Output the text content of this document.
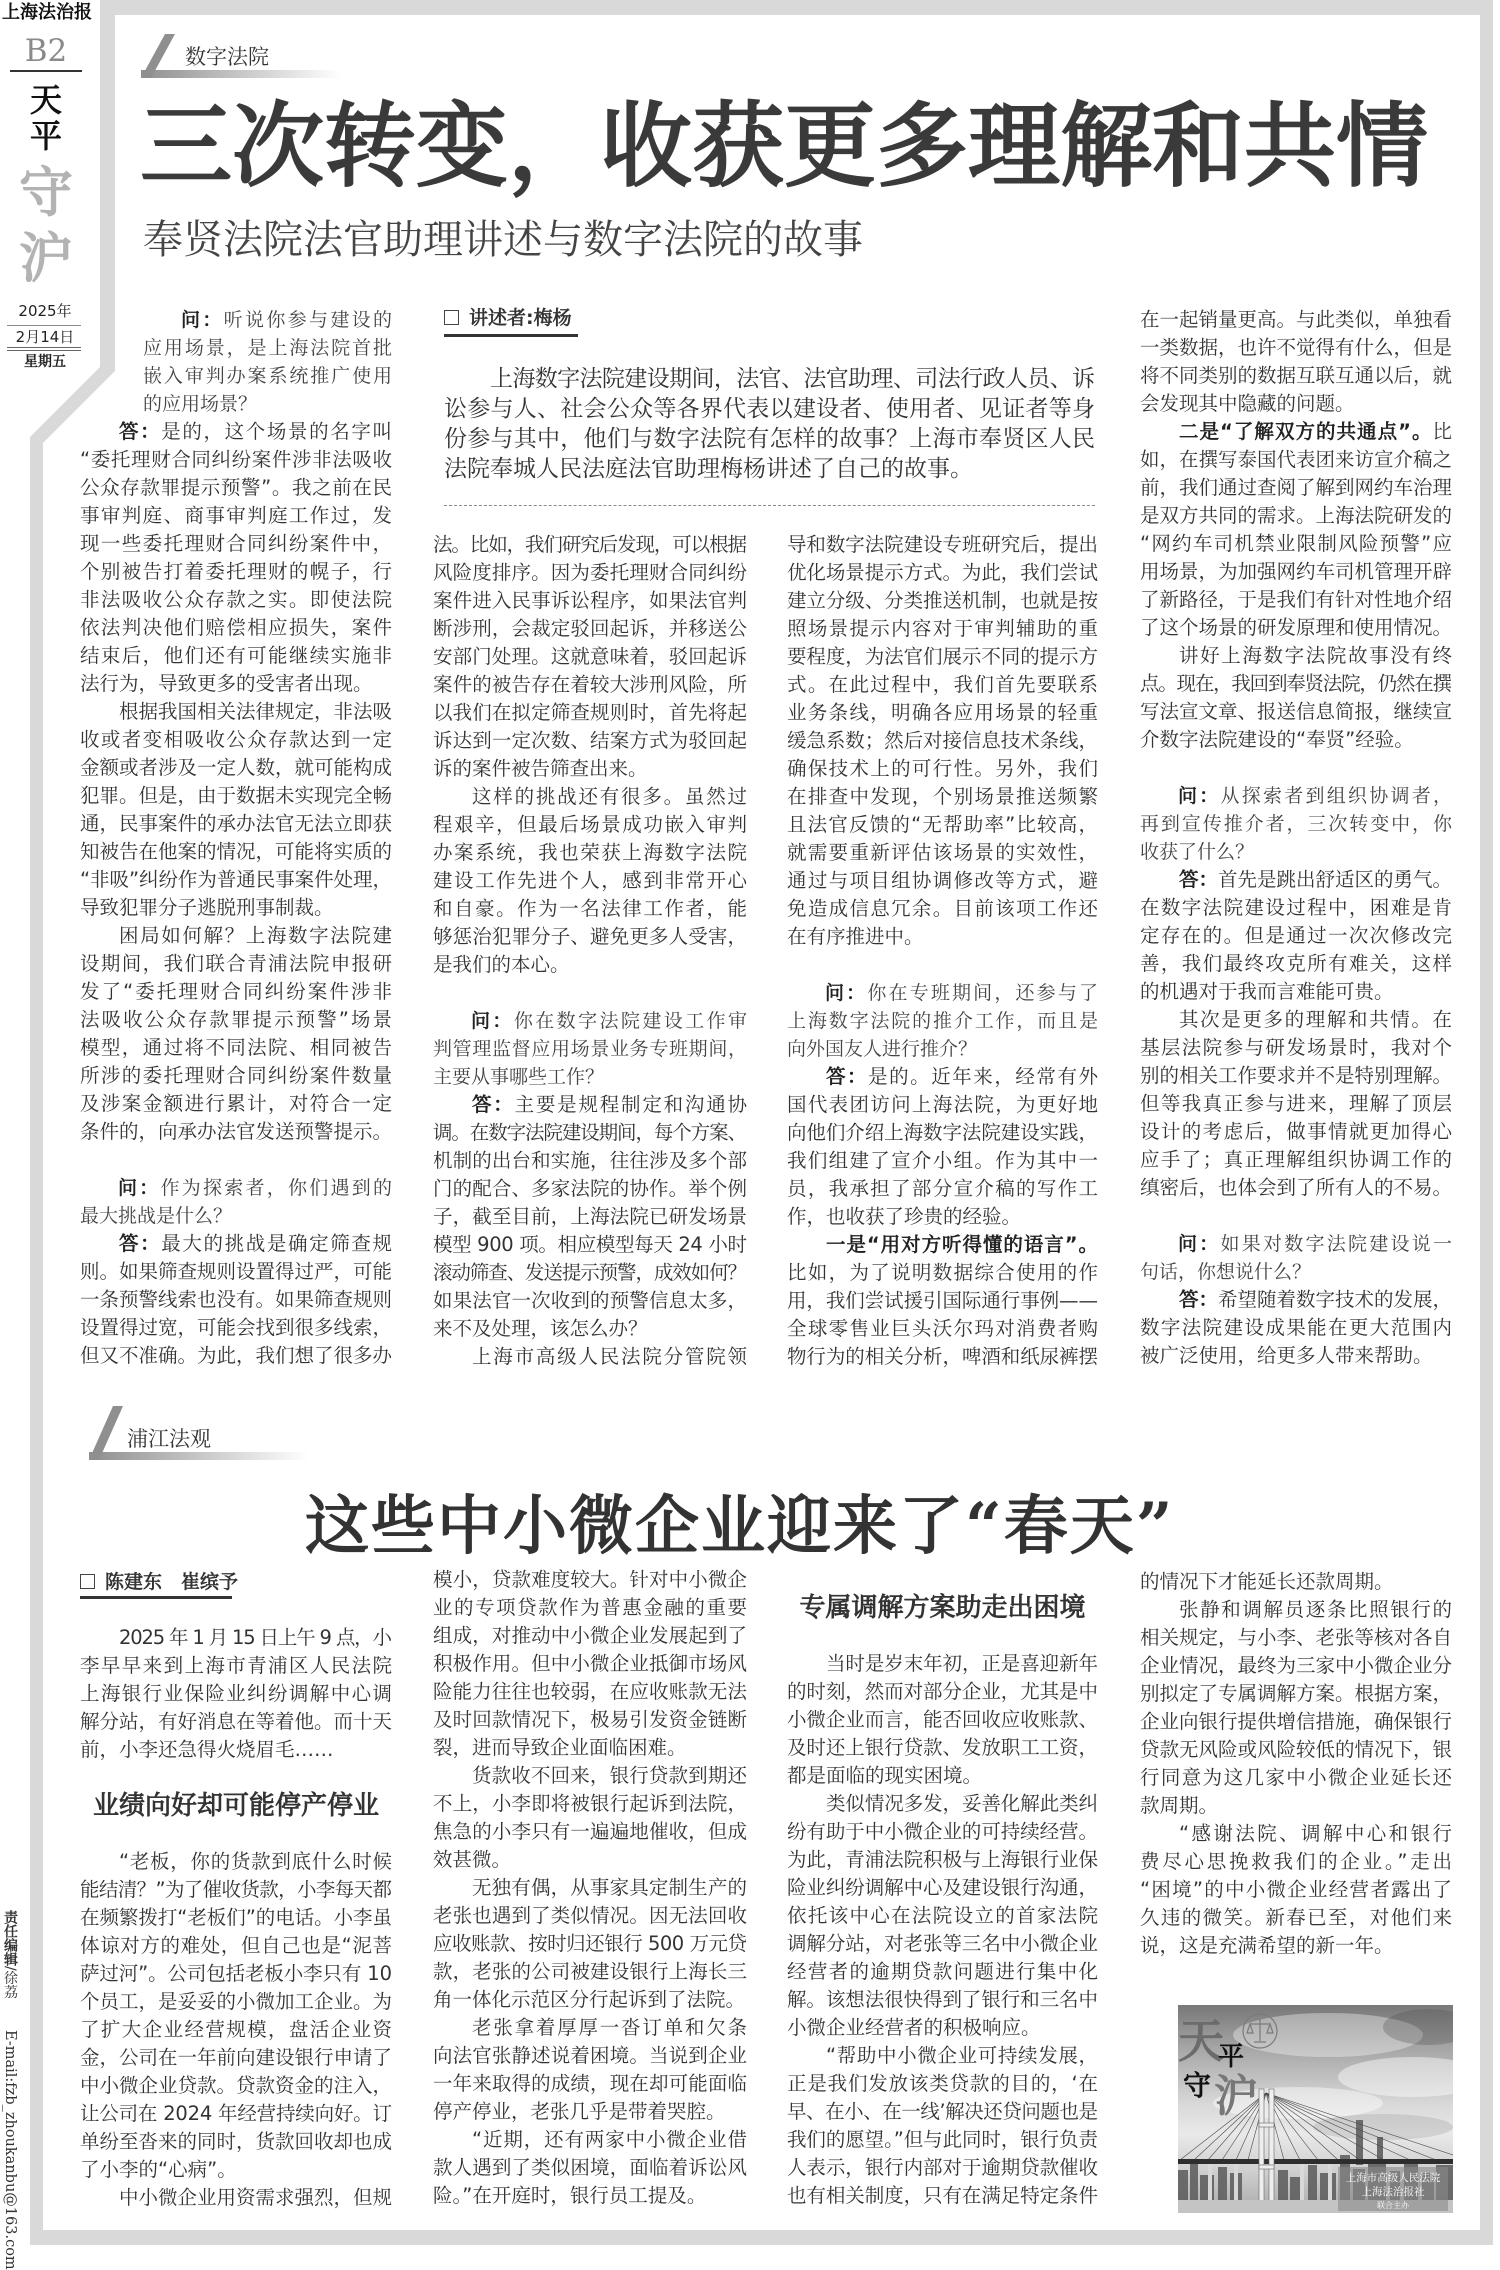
上海法治报
B2
天
平
守
沪
2025年
2月14日
星期五
责任编辑/徐荔
E-mail:fzb_zhoukanbu@163.com
数字法院
三次转变，收获更多理解和共情
奉贤法院法官助理讲述与数字法院的故事
讲述者:梅杨
上海数字法院建设期间，法官、法官助理、司法行政人员、诉
讼参与人、社会公众等各界代表以建设者、使用者、见证者等身
份参与其中，他们与数字法院有怎样的故事？上海市奉贤区人民
法院奉城人民法庭法官助理梅杨讲述了自己的故事。
问：听说你参与建设的
应用场景，是上海法院首批
嵌入审判办案系统推广使用
的应用场景？
答：是的，这个场景的名字叫
“委托理财合同纠纷案件涉非法吸收
公众存款罪提示预警”。我之前在民
事审判庭、商事审判庭工作过，发
现一些委托理财合同纠纷案件中，
个别被告打着委托理财的幌子，行
非法吸收公众存款之实。即使法院
依法判决他们赔偿相应损失，案件
结束后，他们还有可能继续实施非
法行为，导致更多的受害者出现。
根据我国相关法律规定，非法吸
收或者变相吸收公众存款达到一定
金额或者涉及一定人数，就可能构成
犯罪。但是，由于数据未实现完全畅
通，民事案件的承办法官无法立即获
知被告在他案的情况，可能将实质的
“非吸”纠纷作为普通民事案件处理，
导致犯罪分子逃脱刑事制裁。
困局如何解？上海数字法院建
设期间，我们联合青浦法院申报研
发了“委托理财合同纠纷案件涉非
法吸收公众存款罪提示预警”场景
模型，通过将不同法院、相同被告
所涉的委托理财合同纠纷案件数量
及涉案金额进行累计，对符合一定
条件的，向承办法官发送预警提示。
问：作为探索者，你们遇到的
最大挑战是什么？
答：最大的挑战是确定筛查规
则。如果筛查规则设置得过严，可能
一条预警线索也没有。如果筛查规则
设置得过宽，可能会找到很多线索，
但又不准确。为此，我们想了很多办
法。比如，我们研究后发现，可以根据
风险度排序。因为委托理财合同纠纷
案件进入民事诉讼程序，如果法官判
断涉刑，会裁定驳回起诉，并移送公
安部门处理。这就意味着，驳回起诉
案件的被告存在着较大涉刑风险，所
以我们在拟定筛查规则时，首先将起
诉达到一定次数、结案方式为驳回起
诉的案件被告筛查出来。
这样的挑战还有很多。虽然过
程艰辛，但最后场景成功嵌入审判
办案系统，我也荣获上海数字法院
建设工作先进个人，感到非常开心
和自豪。作为一名法律工作者，能
够惩治犯罪分子、避免更多人受害，
是我们的本心。
问：你在数字法院建设工作审
判管理监督应用场景业务专班期间，
主要从事哪些工作？
答：主要是规程制定和沟通协
调。在数字法院建设期间，每个方案、
机制的出台和实施，往往涉及多个部
门的配合、多家法院的协作。举个例
子，截至目前，上海法院已研发场景
模型 900 项。相应模型每天 24 小时
滚动筛查、发送提示预警，成效如何？
如果法官一次收到的预警信息太多，
来不及处理，该怎么办？
上海市高级人民法院分管院领
导和数字法院建设专班研究后，提出
优化场景提示方式。为此，我们尝试
建立分级、分类推送机制，也就是按
照场景提示内容对于审判辅助的重
要程度，为法官们展示不同的提示方
式。在此过程中，我们首先要联系
业务条线，明确各应用场景的轻重
缓急系数；然后对接信息技术条线，
确保技术上的可行性。另外，我们
在排查中发现，个别场景推送频繁
且法官反馈的“无帮助率”比较高，
就需要重新评估该场景的实效性，
通过与项目组协调修改等方式，避
免造成信息冗余。目前该项工作还
在有序推进中。
问：你在专班期间，还参与了
上海数字法院的推介工作，而且是
向外国友人进行推介？
答：是的。近年来，经常有外
国代表团访问上海法院，为更好地
向他们介绍上海数字法院建设实践，
我们组建了宣介小组。作为其中一
员，我承担了部分宣介稿的写作工
作，也收获了珍贵的经验。
一是“用对方听得懂的语言”。
比如，为了说明数据综合使用的作
用，我们尝试援引国际通行事例——
全球零售业巨头沃尔玛对消费者购
物行为的相关分析，啤酒和纸尿裤摆
在一起销量更高。与此类似，单独看
一类数据，也许不觉得有什么，但是
将不同类别的数据互联互通以后，就
会发现其中隐藏的问题。
二是“了解双方的共通点”。比
如，在撰写泰国代表团来访宣介稿之
前，我们通过查阅了解到网约车治理
是双方共同的需求。上海法院研发的
“网约车司机禁业限制风险预警”应
用场景，为加强网约车司机管理开辟
了新路径，于是我们有针对性地介绍
了这个场景的研发原理和使用情况。
讲好上海数字法院故事没有终
点。现在，我回到奉贤法院，仍然在撰
写法宣文章、报送信息简报，继续宣
介数字法院建设的“奉贤”经验。
问：从探索者到组织协调者，
再到宣传推介者，三次转变中，你
收获了什么？
答：首先是跳出舒适区的勇气。
在数字法院建设过程中，困难是肯
定存在的。但是通过一次次修改完
善，我们最终攻克所有难关，这样
的机遇对于我而言难能可贵。
其次是更多的理解和共情。在
基层法院参与研发场景时，我对个
别的相关工作要求并不是特别理解。
但等我真正参与进来，理解了顶层
设计的考虑后，做事情就更加得心
应手了；真正理解组织协调工作的
缜密后，也体会到了所有人的不易。
问：如果对数字法院建设说一
句话，你想说什么？
答：希望随着数字技术的发展，
数字法院建设成果能在更大范围内
被广泛使用，给更多人带来帮助。
浦江法观
这些中小微企业迎来了“春天”
陈建东　崔缤予
2025 年 1 月 15 日上午 9 点，小
李早早来到上海市青浦区人民法院
上海银行业保险业纠纷调解中心调
解分站，有好消息在等着他。而十天
前，小李还急得火烧眉毛……
业绩向好却可能停产停业
“老板，你的货款到底什么时候
能结清？”为了催收货款，小李每天都
在频繁拨打“老板们”的电话。小李虽
体谅对方的难处，但自己也是“泥菩
萨过河”。公司包括老板小李只有 10
个员工，是妥妥的小微加工企业。为
了扩大企业经营规模，盘活企业资
金，公司在一年前向建设银行申请了
中小微企业贷款。贷款资金的注入，
让公司在 2024 年经营持续向好。订
单纷至沓来的同时，货款回收却也成
了小李的“心病”。
中小微企业用资需求强烈，但规
模小，贷款难度较大。针对中小微企
业的专项贷款作为普惠金融的重要
组成，对推动中小微企业发展起到了
积极作用。但中小微企业抵御市场风
险能力往往也较弱，在应收账款无法
及时回款情况下，极易引发资金链断
裂，进而导致企业面临困难。
货款收不回来，银行贷款到期还
不上，小李即将被银行起诉到法院，
焦急的小李只有一遍遍地催收，但成
效甚微。
无独有偶，从事家具定制生产的
老张也遇到了类似情况。因无法回收
应收账款、按时归还银行 500 万元贷
款，老张的公司被建设银行上海长三
角一体化示范区分行起诉到了法院。
老张拿着厚厚一沓订单和欠条
向法官张静述说着困境。当说到企业
一年来取得的成绩，现在却可能面临
停产停业，老张几乎是带着哭腔。
“近期，还有两家中小微企业借
款人遇到了类似困境，面临着诉讼风
险。”在开庭时，银行员工提及。
专属调解方案助走出困境
当时是岁末年初，正是喜迎新年
的时刻，然而对部分企业，尤其是中
小微企业而言，能否回收应收账款、
及时还上银行贷款、发放职工工资，
都是面临的现实困境。
类似情况多发，妥善化解此类纠
纷有助于中小微企业的可持续经营。
为此，青浦法院积极与上海银行业保
险业纠纷调解中心及建设银行沟通，
依托该中心在法院设立的首家法院
调解分站，对老张等三名中小微企业
经营者的逾期贷款问题进行集中化
解。该想法很快得到了银行和三名中
小微企业经营者的积极响应。
“帮助中小微企业可持续发展，
正是我们发放该类贷款的目的，‘在
早、在小、在一线’解决还贷问题也是
我们的愿望。”但与此同时，银行负责
人表示，银行内部对于逾期贷款催收
也有相关制度，只有在满足特定条件
的情况下才能延长还款周期。
张静和调解员逐条比照银行的
相关规定，与小李、老张等核对各自
企业情况，最终为三家中小微企业分
别拟定了专属调解方案。根据方案，
企业向银行提供增信措施，确保银行
贷款无风险或风险较低的情况下，银
行同意为这几家中小微企业延长还
款周期。
“感谢法院、调解中心和银行
费尽心思挽救我们的企业。”走出
“困境”的中小微企业经营者露出了
久违的微笑。新春已至，对他们来
说，这是充满希望的新一年。
天
平
守 沪
上海市高级人民法院
上海法治报社
联合主办
